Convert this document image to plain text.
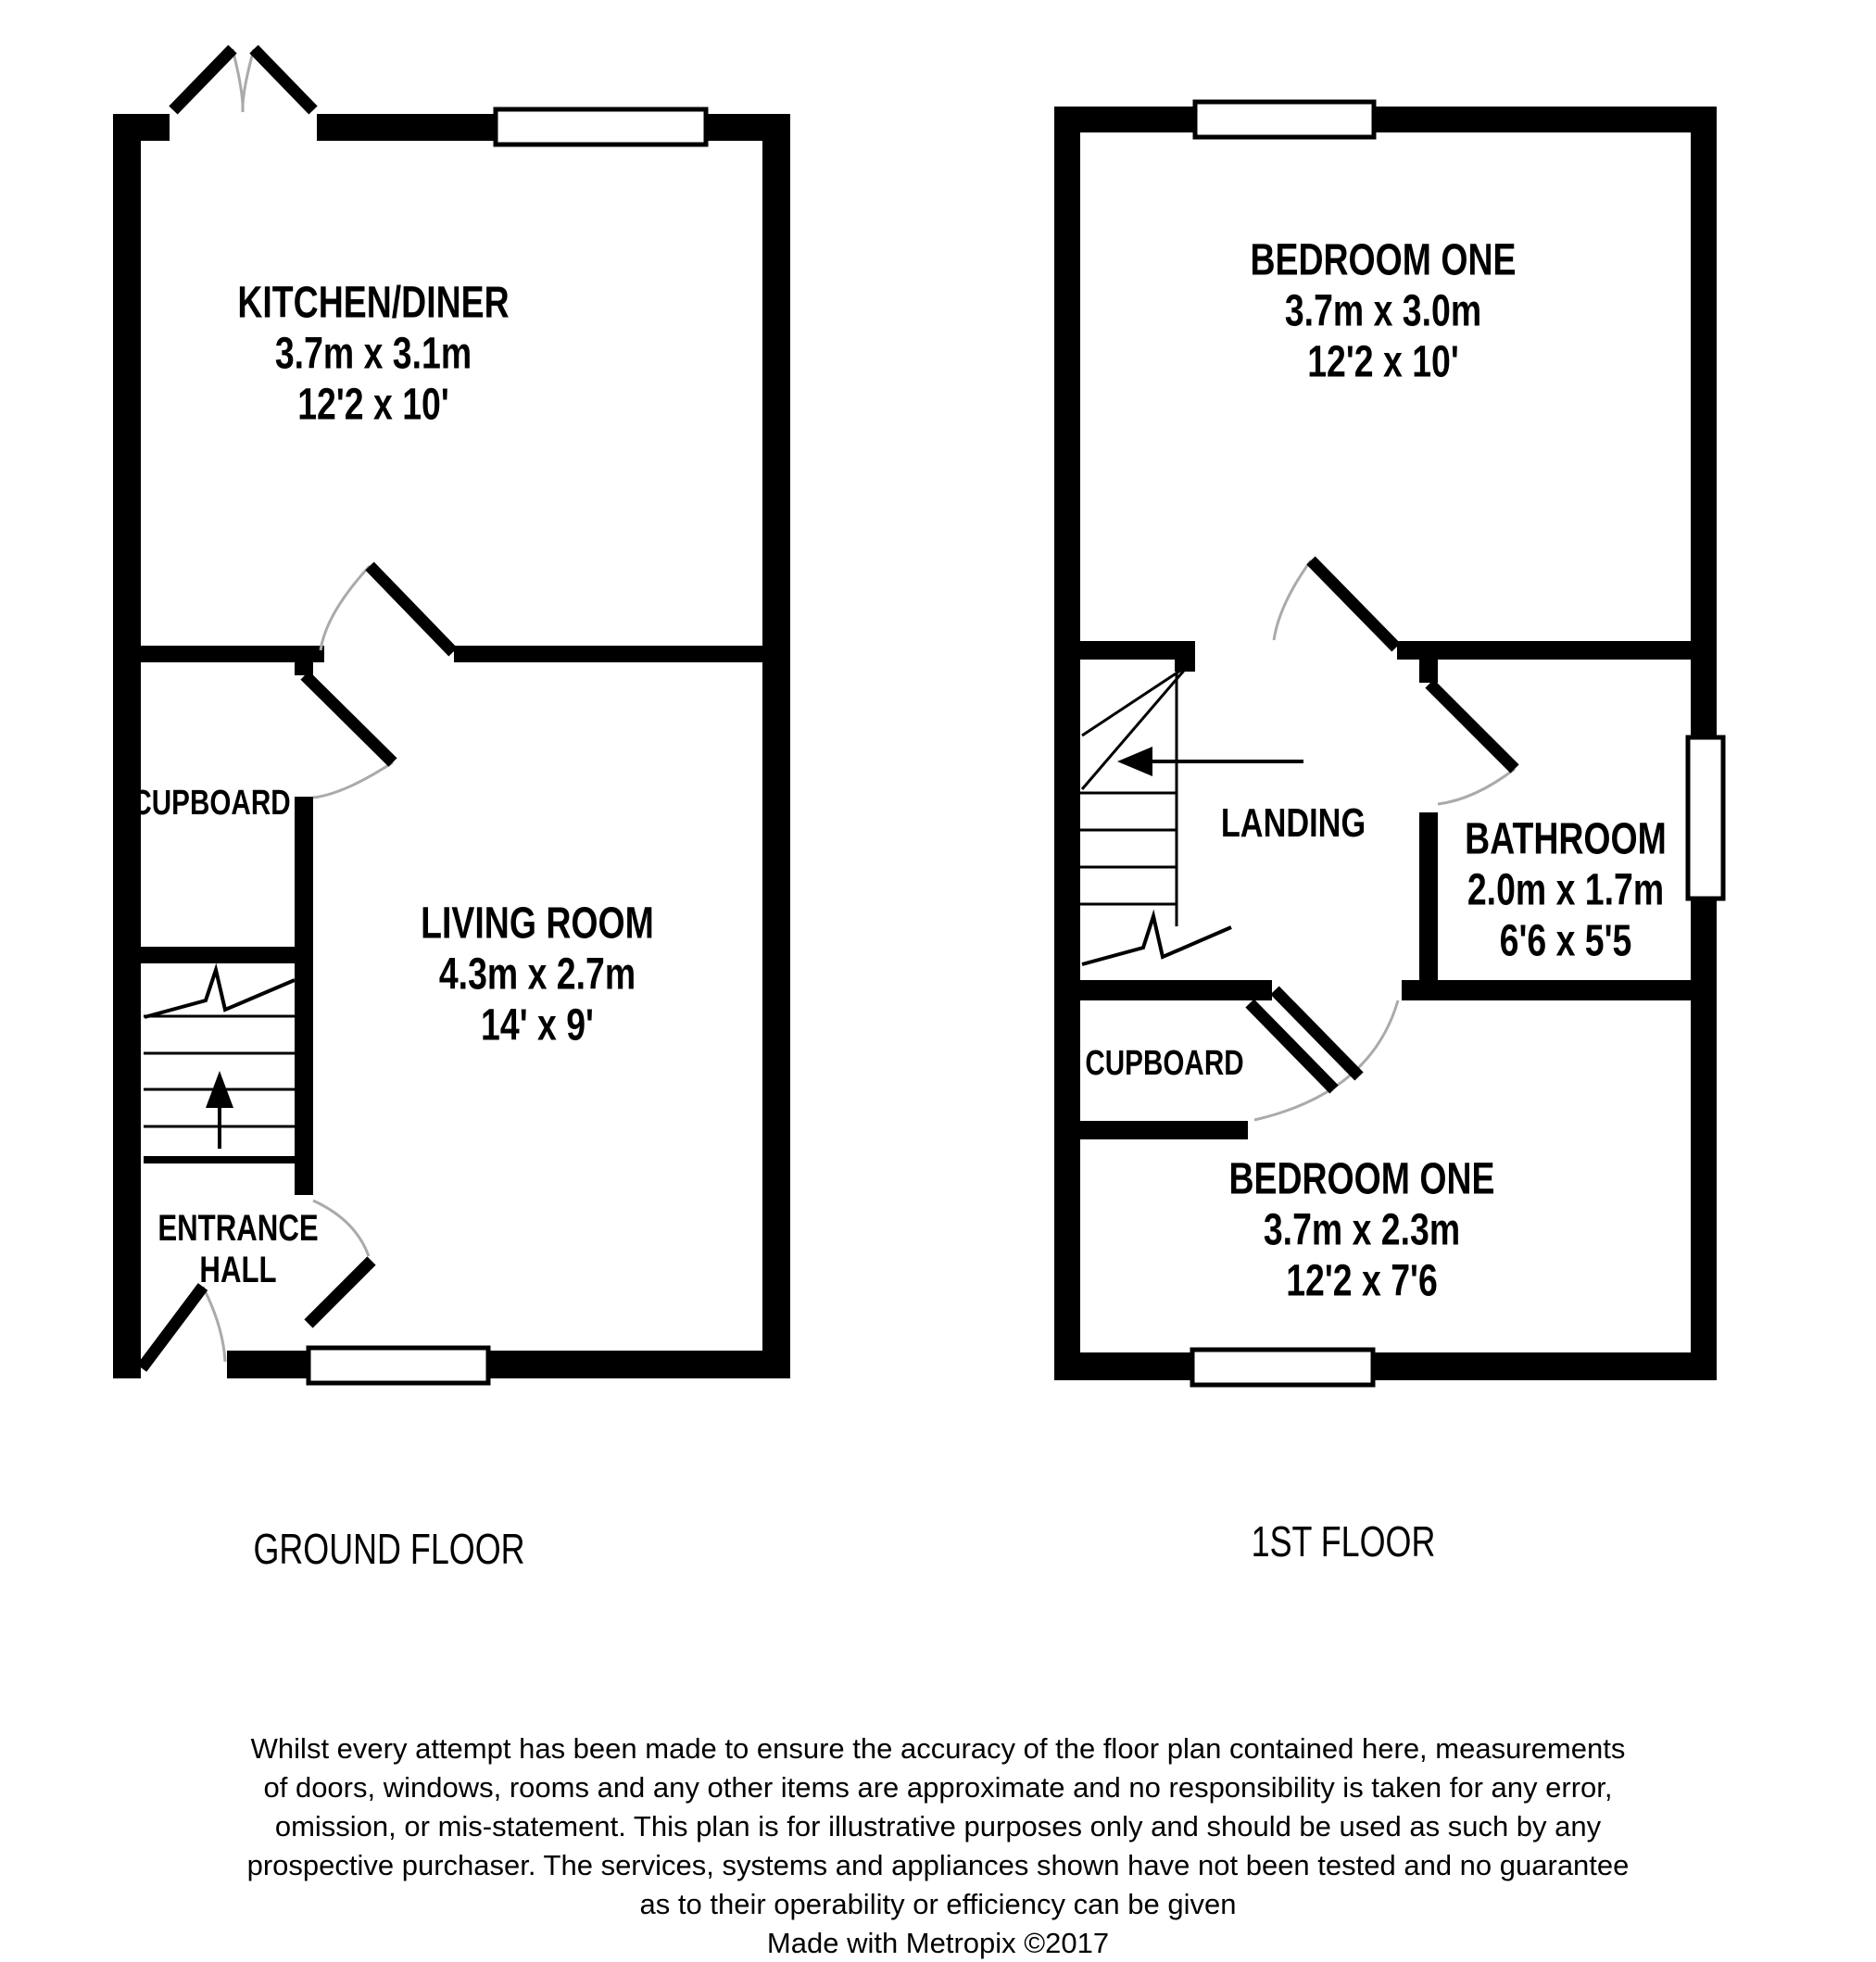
KITCHEN/DINER
3.7m x 3.1m
12'2 x 10'
LIVING ROOM
4.3m x 2.7m
14' x 9'
CUPBOARD
ENTRANCE
HALL
GROUND FLOOR
BEDROOM ONE
3.7m x 3.0m
12'2 x 10'
LANDING BATHROOM
2.0m x 1.7m
6'6 x 5'5
CUPBOARD
BEDROOM ONE
3.7m x 2.3m
12'2 x 7'6
1ST FLOOR
Whilst every attempt has been made to ensure the accuracy of the floor plan contained here, measurements
of doors, windows, rooms and any other items are approximate and no responsibility is taken for any error,
omission, or mis-statement. This plan is for illustrative purposes only and should be used as such by any
prospective purchaser. The services, systems and appliances shown have not been tested and no guarantee
as to their operability or efficiency can be given
Made with Metropix ©2017
